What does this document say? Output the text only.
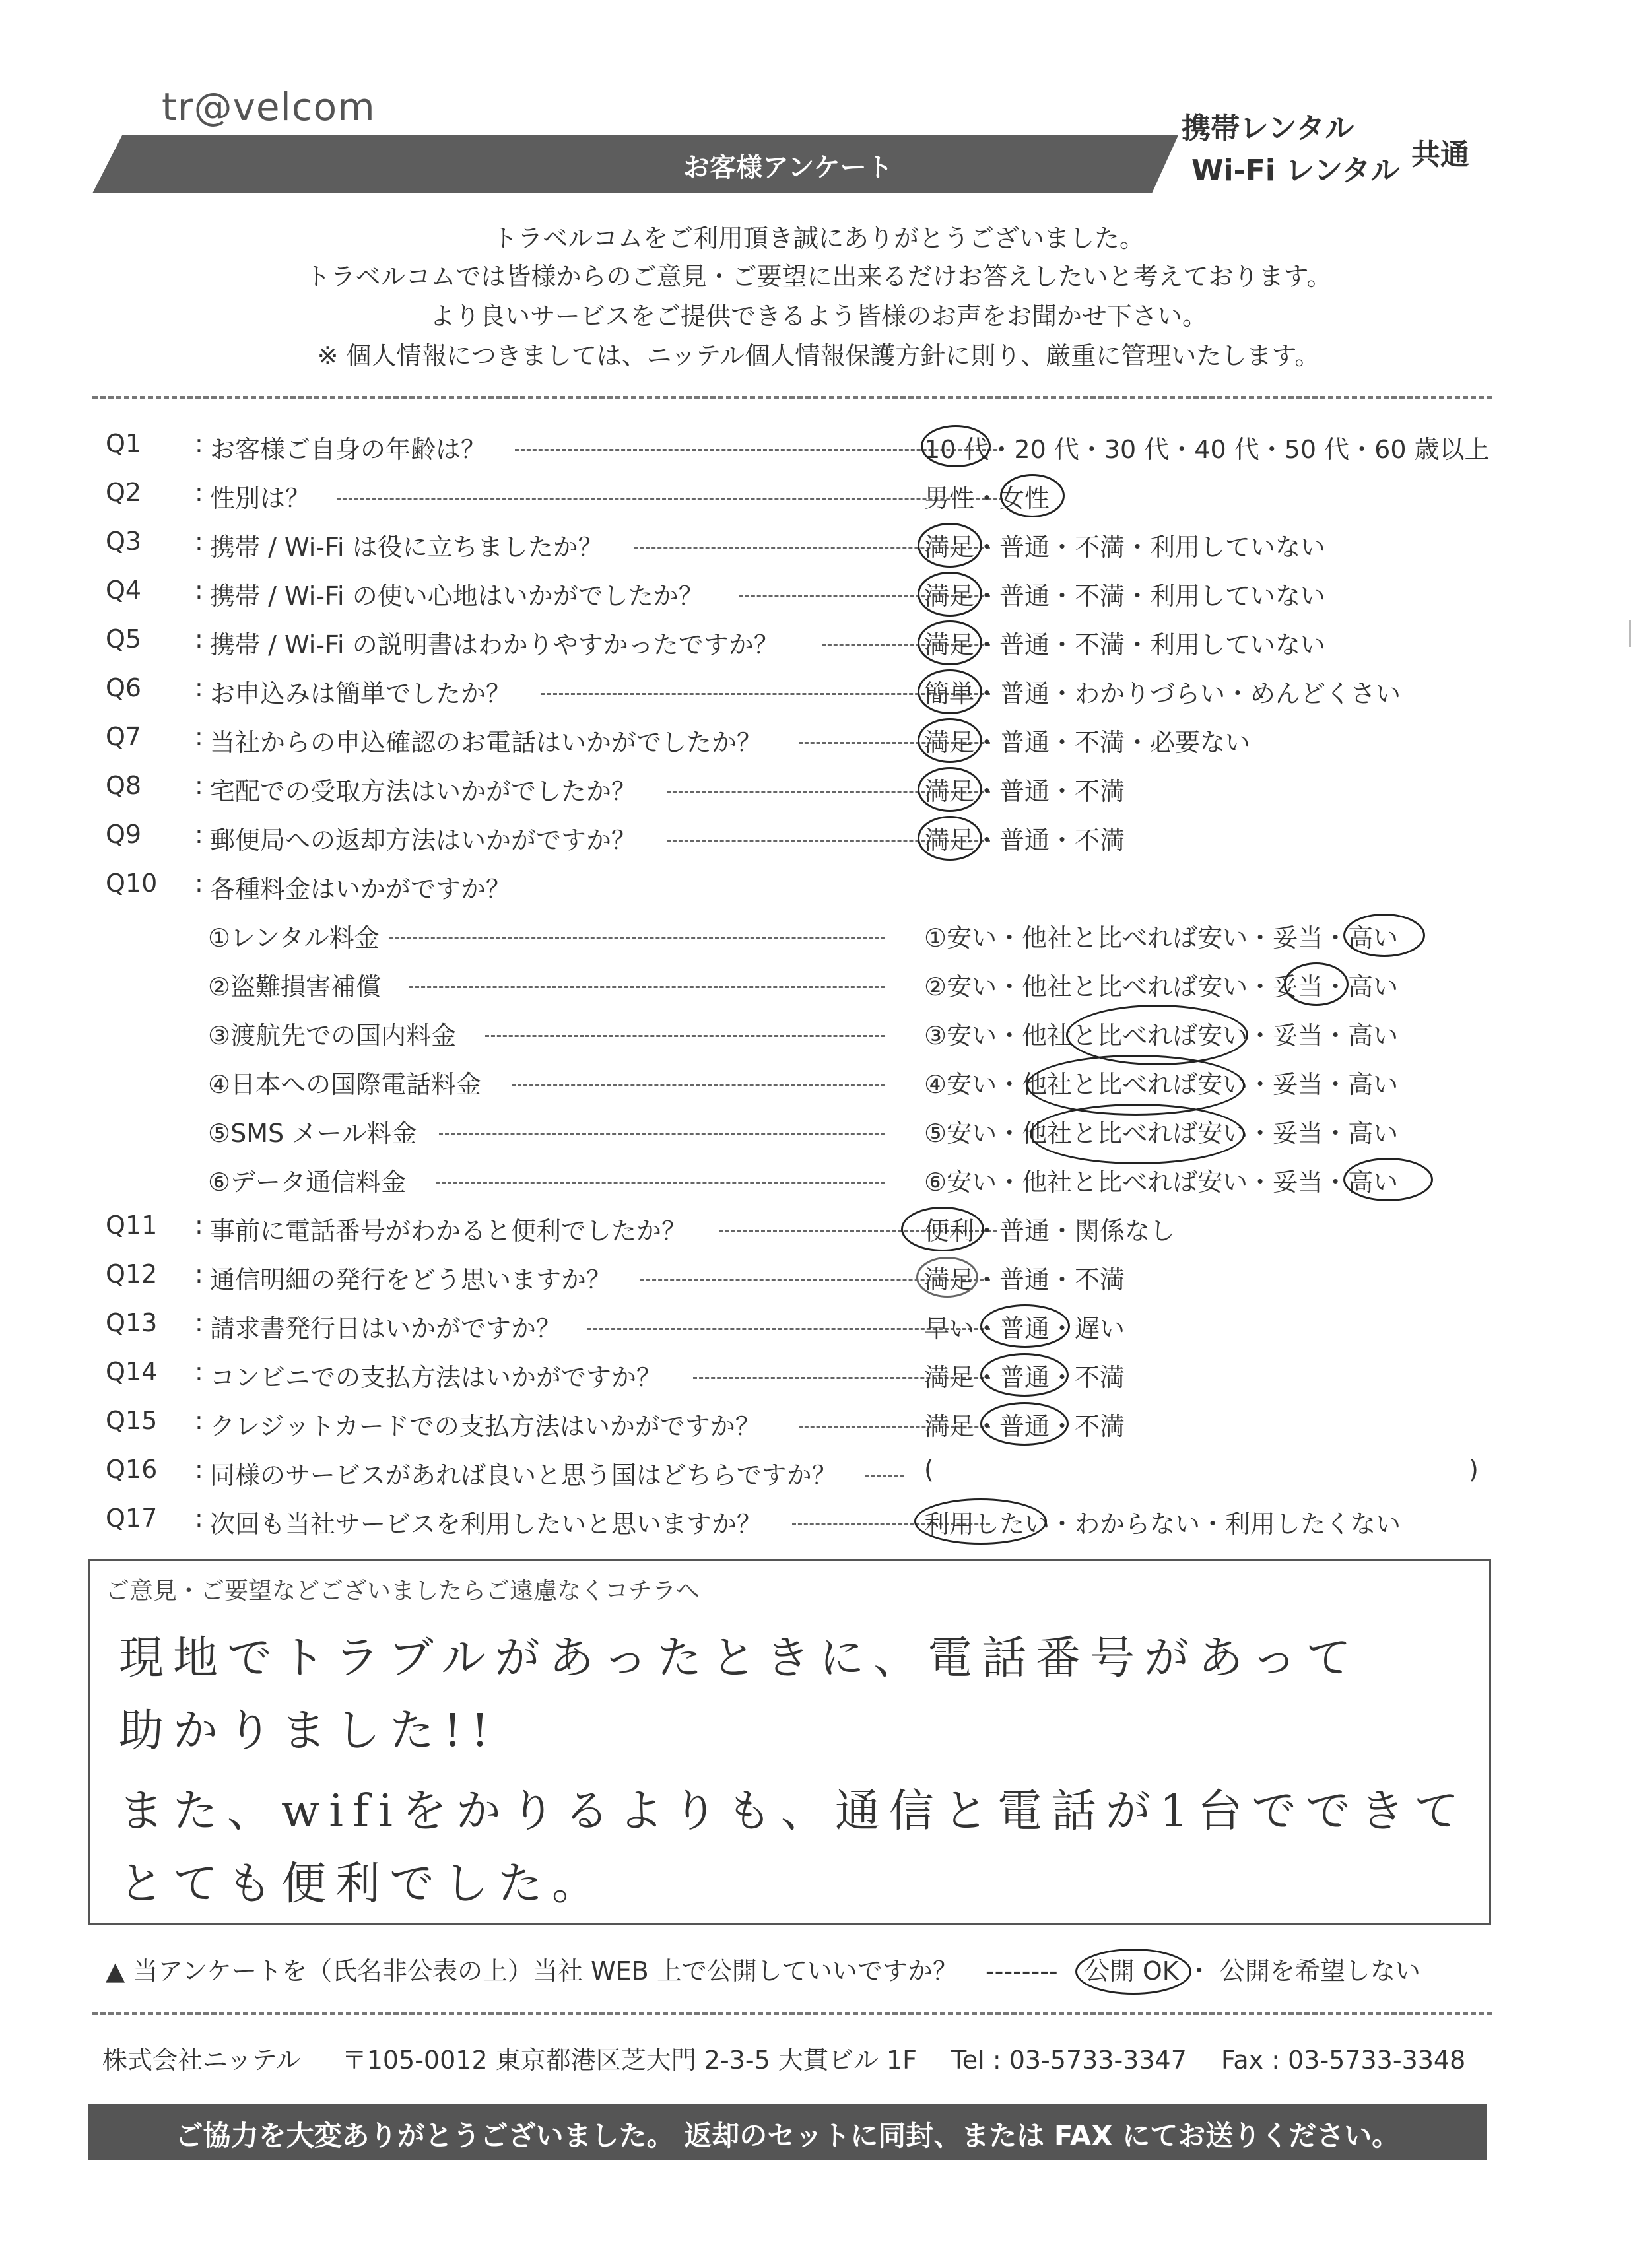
tr@velcom
お客様アンケート
携帯レンタル
Wi-Fi レンタル 共通
トラベルコムをご利用頂き誠にありがとうございました。
トラベルコムでは皆様からのご意見・ご要望に出来るだけお答えしたいと考えております。
より良いサービスをご提供できるよう皆様のお声をお聞かせ下さい。
※ 個人情報につきましては、ニッテル個人情報保護方針に則り、厳重に管理いたします。
Q1	: お客様ご自身の年齢は？	10 代・20 代・30 代・40 代・50 代・60 歳以上
Q2	: 性別は？	男性・女性
Q3	: 携帯 / Wi-Fi は役に立ちましたか？	満足・普通・不満・利用していない
Q4	: 携帯 / Wi-Fi の使い心地はいかがでしたか？	満足・普通・不満・利用していない
Q5	: 携帯 / Wi-Fi の説明書はわかりやすかったですか？	満足・普通・不満・利用していない
Q6	: お申込みは簡単でしたか？	簡単・普通・わかりづらい・めんどくさい
Q7	: 当社からの申込確認のお電話はいかがでしたか？	満足・普通・不満・必要ない
Q8	: 宅配での受取方法はいかがでしたか？	満足・普通・不満
Q9	: 郵便局への返却方法はいかがですか？	満足・普通・不満
Q10	: 各種料金はいかがですか？
①レンタル料金	①安い・他社と比べれば安い・妥当・高い
②盗難損害補償	②安い・他社と比べれば安い・妥当・高い
③渡航先での国内料金	③安い・他社と比べれば安い・妥当・高い
④日本への国際電話料金	④安い・他社と比べれば安い・妥当・高い
⑤SMS メール料金	⑤安い・他社と比べれば安い・妥当・高い
⑥データ通信料金	⑥安い・他社と比べれば安い・妥当・高い
Q11	: 事前に電話番号がわかると便利でしたか？	便利・普通・関係なし
Q12	: 通信明細の発行をどう思いますか？	満足・普通・不満
Q13	: 請求書発行日はいかがですか？	早い・普通・遅い
Q14	: コンビニでの支払方法はいかがですか？	満足・普通・不満
Q15	: クレジットカードでの支払方法はいかがですか？	満足・普通・不満
Q16	: 同様のサービスがあれば良いと思う国はどちらですか？	(	)
Q17	: 次回も当社サービスを利用したいと思いますか？	利用したい・わからない・利用したくない
ご意見・ご要望などございましたらご遠慮なくコチラへ
現地でトラブルがあったときに、電話番号があって
助かりました!!
また、wifiをかりるよりも、通信と電話が1台でできて
とても便利でした。
▲ 当アンケートを（氏名非公表の上）当社 WEB 上で公開していいですか？ -------- 公開 OK ・ 公開を希望しない
株式会社ニッテル 〒105-0012 東京都港区芝大門 2-3-5 大貫ビル 1F Tel : 03-5733-3347 Fax : 03-5733-3348
ご協力を大変ありがとうございました。 返却のセットに同封、または FAX にてお送りください。
